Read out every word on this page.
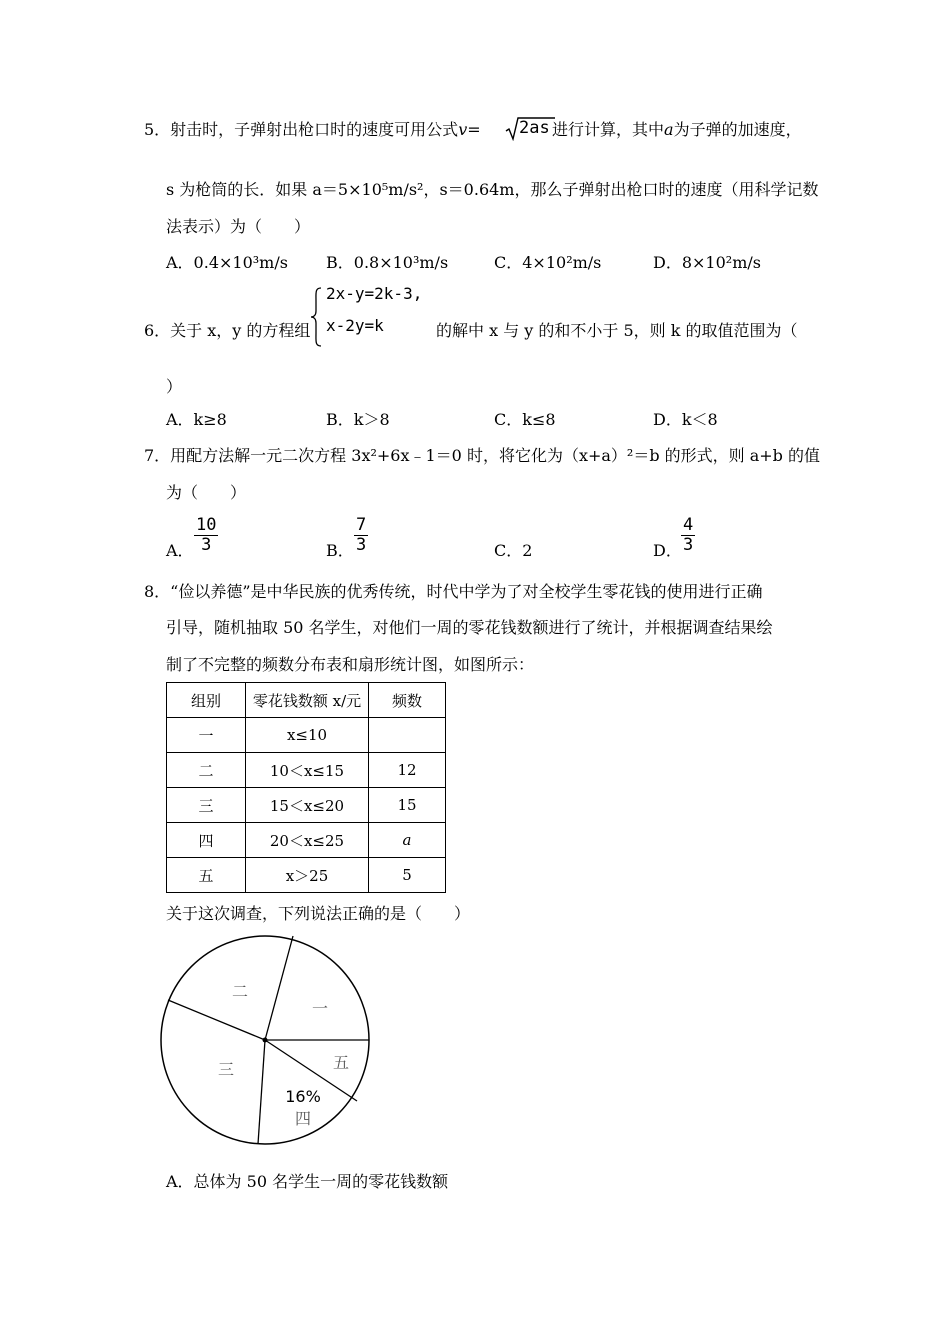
5．射击时，子弹射出枪口时的速度可用公式v= 2as 进行计算，其中a为子弹的加速度，
s 为枪筒的长．如果 a＝5×10⁵m/s²，s＝0.64m，那么子弹射出枪口时的速度（用科学记数
法表示）为（　　）
A．0.4×10³m/s B．0.8×10³m/s	C．4×10²m/s	D．8×10²m/s
6．关于 x，y 的方程组
2x-y=2k-3,
x-2y=k	的解中 x 与 y 的和不小于 5，则 k 的取值范围为（
）
A．k≥8	B．k＞8	C．k≤8	D．k＜8
7．用配方法解一元二次方程 3x²+6x﹣1＝0 时，将它化为（x+a）²＝b 的形式，则 a+b 的值
为（　　）
A． $\frac{10}{3}$	B． $\frac{7}{3}$	C．2	D． $\frac{4}{3}$
8．“俭以养德”是中华民族的优秀传统，时代中学为了对全校学生零花钱的使用进行正确
引导，随机抽取 50 名学生，对他们一周的零花钱数额进行了统计，并根据调查结果绘
制了不完整的频数分布表和扇形统计图，如图所示：
组别	零花钱数额 x/元	频数
一	x≤10	
二	10＜x≤15	12
三	15＜x≤20	15
四	20＜x≤25	a
五	x＞25	5
关于这次调查，下列说法正确的是（　　）
一
二
三
四
五
16%
A．总体为 50 名学生一周的零花钱数额
